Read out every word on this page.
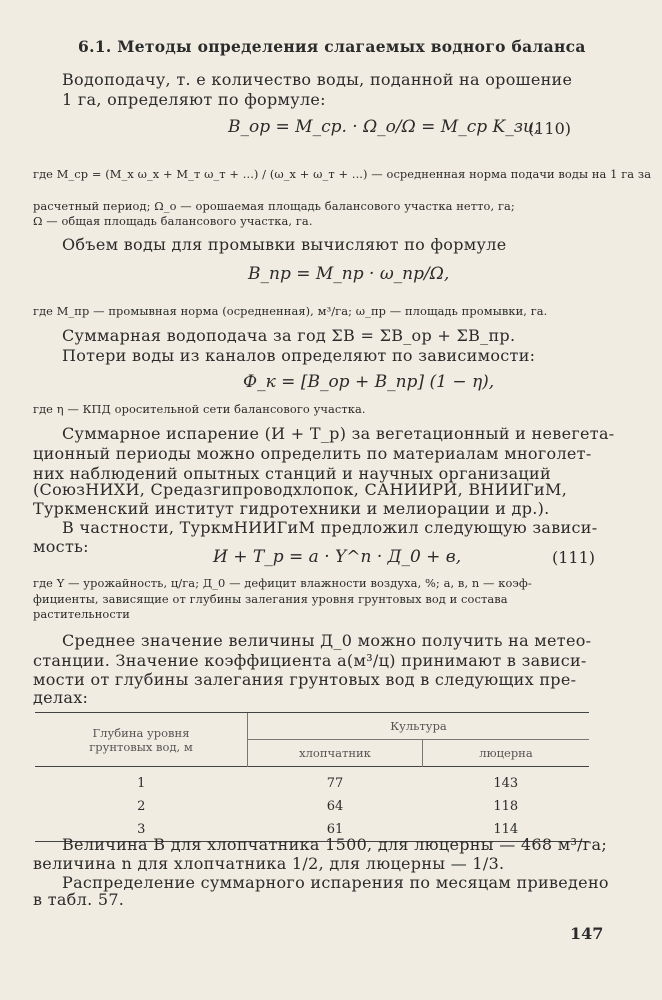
6.1. Методы определения слагаемых водного баланса
Водоподачу, т. е количество воды, поданной на орошение
1 га, определяют по формуле:
B_ор = M_ср. · Ω_о/Ω = M_ср K_зи,
(110)
где M_ср = (M_x ω_x + M_т ω_т + ...) / (ω_x + ω_т + ...) — осредненная норма подачи воды на 1 га за
расчетный период; Ω_о — орошаемая площадь балансового участка нетто, га;
Ω — общая площадь балансового участка, га.
Объем воды для промывки вычисляют по формуле
B_пр = M_пр · ω_пр/Ω,
где M_пр — промывная норма (осредненная), м³/га; ω_пр — площадь промывки, га.
Суммарная водоподача за год ΣB = ΣB_ор + ΣB_пр.
Потери воды из каналов определяют по зависимости:
Ф_к = [B_ор + B_пр] (1 − η),
где η — КПД оросительной сети балансового участка.
Суммарное испарение (И + T_р) за вегетационный и невегета-
ционный периоды можно определить по материалам многолет-
них наблюдений опытных станций и научных организаций
(СоюзНИХИ, Средазгипроводхлопок, САНИИРИ, ВНИИГиМ,
Туркменский институт гидротехники и мелиорации и др.).
В частности, ТуркмНИИГиМ предложил следующую зависи-
мость:
И + T_р = a · Y^n · Д_0 + в,	(111)
где Y — урожайность, ц/га; Д_0 — дефицит влажности воздуха, %; а, в, n — коэф-
фициенты, зависящие от глубины залегания уровня грунтовых вод и состава
растительности
Среднее значение величины Д_0 можно получить на метео-
станции. Значение коэффициента a(м³/ц) принимают в зависи-
мости от глубины залегания грунтовых вод в следующих пре-
делах:
Глубина уровня
грунтовых вод, м	Культура	
	хлопчатник	люцерна
1	77	143
2	64	118
3	61	114
Величина B для хлопчатника 1500, для люцерны — 468 м³/га;
величина n для хлопчатника 1/2, для люцерны — 1/3.
Распределение суммарного испарения по месяцам приведено
в табл. 57.
147
